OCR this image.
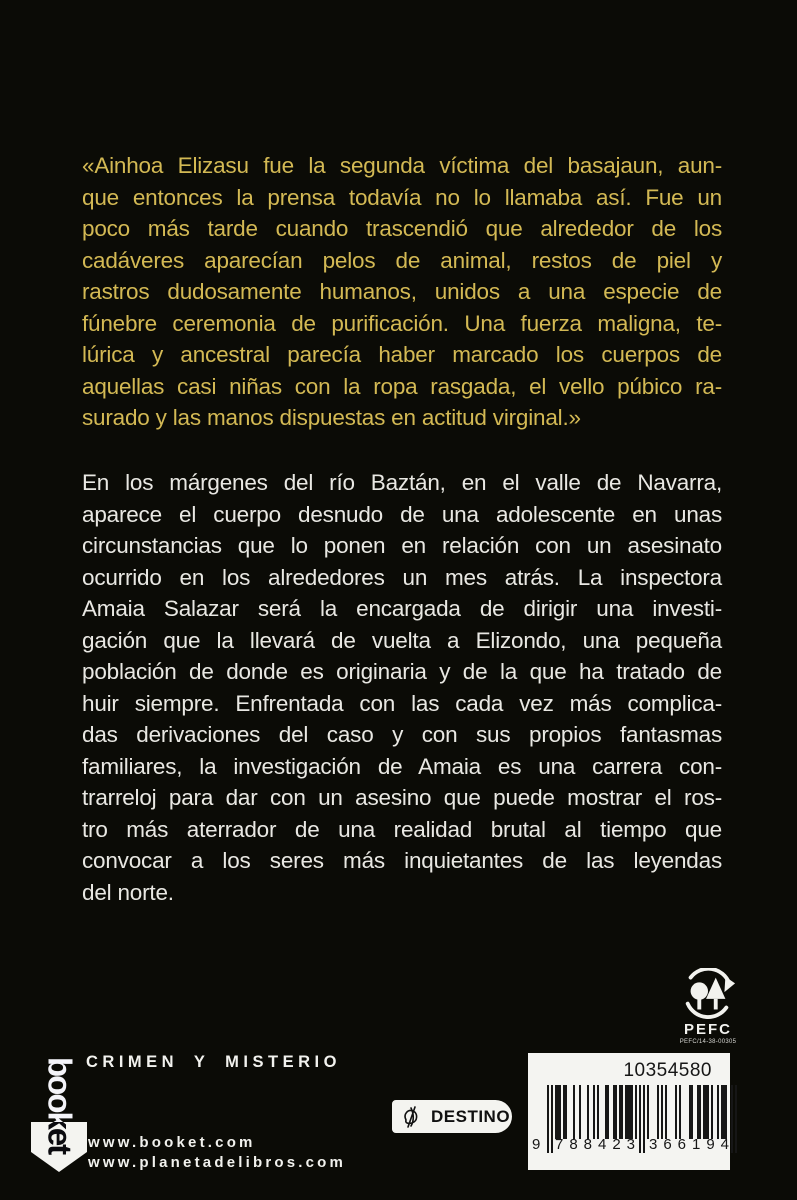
«Ainhoa Elizasu fue la segunda víctima del basajaun, aun-
que entonces la prensa todavía no lo llamaba así. Fue un
poco más tarde cuando trascendió que alrededor de los
cadáveres aparecían pelos de animal, restos de piel y
rastros dudosamente humanos, unidos a una especie de
fúnebre ceremonia de purificación. Una fuerza maligna, te-
lúrica y ancestral parecía haber marcado los cuerpos de
aquellas casi niñas con la ropa rasgada, el vello púbico ra-
surado y las manos dispuestas en actitud virginal.»
En los márgenes del río Baztán, en el valle de Navarra,
aparece el cuerpo desnudo de una adolescente en unas
circunstancias que lo ponen en relación con un asesinato
ocurrido en los alrededores un mes atrás. La inspectora
Amaia Salazar será la encargada de dirigir una investi-
gación que la llevará de vuelta a Elizondo, una pequeña
población de donde es originaria y de la que ha tratado de
huir siempre. Enfrentada con las cada vez más complica-
das derivaciones del caso y con sus propios fantasmas
familiares, la investigación de Amaia es una carrera con-
trarreloj para dar con un asesino que puede mostrar el ros-
tro más aterrador de una realidad brutal al tiempo que
convocar a los seres más inquietantes de las leyendas
del norte.
PEFC
PEFC/14-38-00305
CRIMEN Y MISTERIO
booket www.booket.com
www.planetadelibros.com
DESTINO
10354580
9 7 8 8 4 2 3 3 6 6 1 9 4
